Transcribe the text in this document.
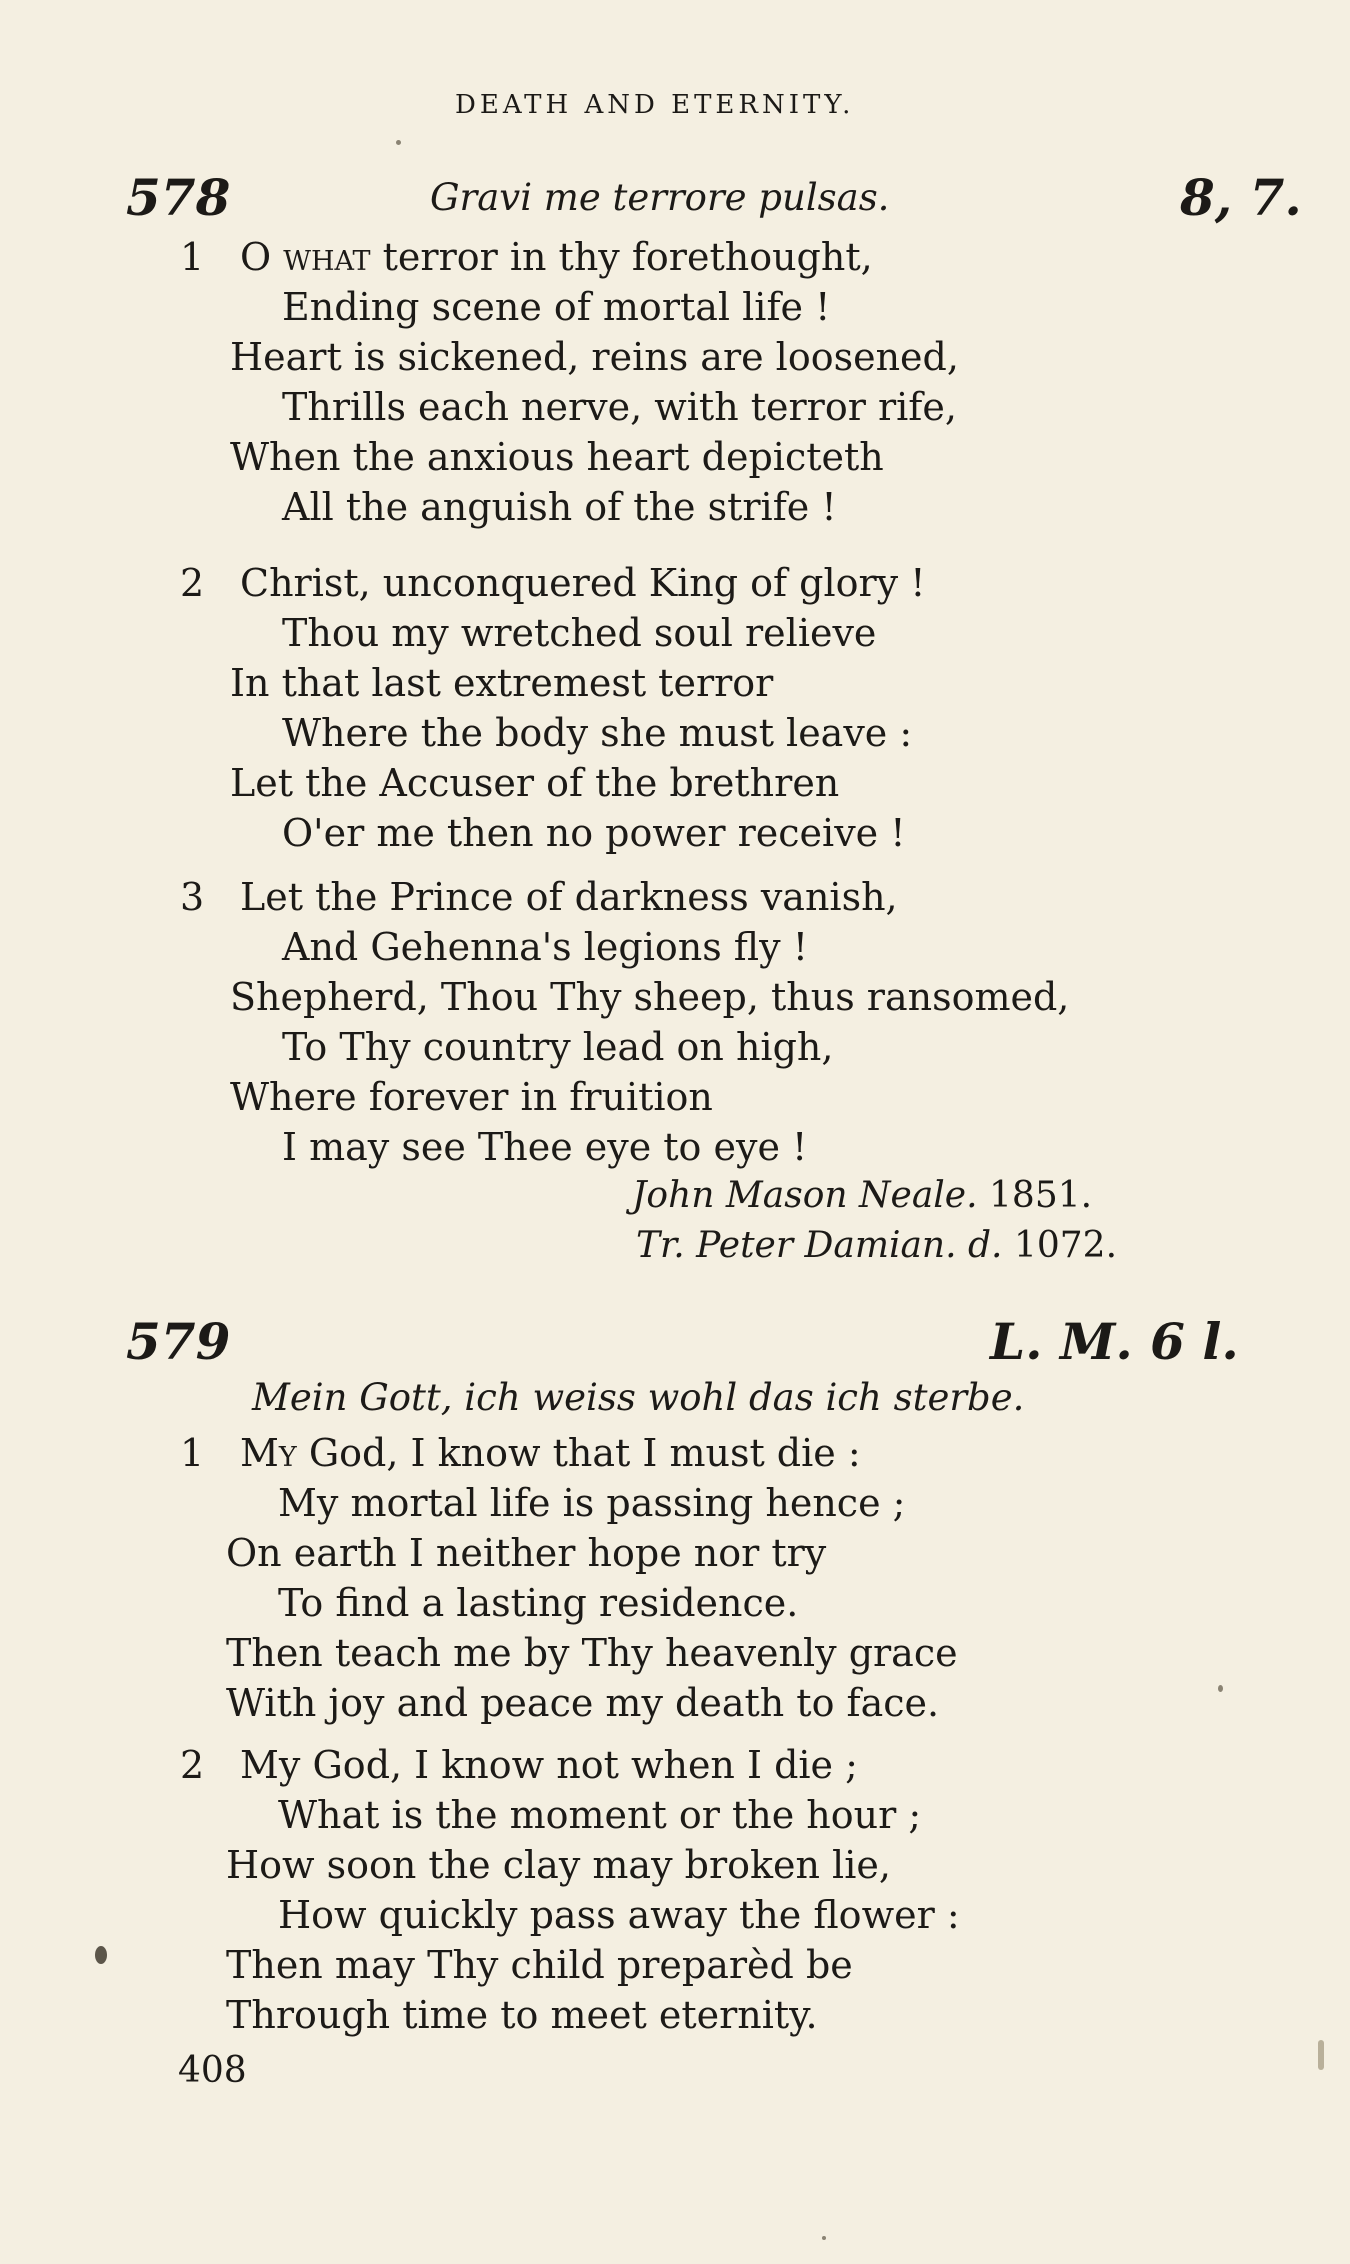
DEATH AND ETERNITY.
578	Gravi me terrore pulsas.	8, 7.
1 O what terror in thy forethought,
Ending scene of mortal life !
Heart is sickened, reins are loosened,
Thrills each nerve, with terror rife,
When the anxious heart depicteth
All the anguish of the strife !
2 Christ, unconquered King of glory !
Thou my wretched soul relieve
In that last extremest terror
Where the body she must leave :
Let the Accuser of the brethren
O'er me then no power receive !
3 Let the Prince of darkness vanish,
And Gehenna's legions fly !
Shepherd, Thou Thy sheep, thus ransomed,
To Thy country lead on high,
Where forever in fruition
I may see Thee eye to eye !
John Mason Neale. 1851.
Tr. Peter Damian. d. 1072.
579	L. M. 6 l.
Mein Gott, ich weiss wohl das ich sterbe.
1 My God, I know that I must die :
My mortal life is passing hence ;
On earth I neither hope nor try
To find a lasting residence.
Then teach me by Thy heavenly grace
With joy and peace my death to face.
2 My God, I know not when I die ;
What is the moment or the hour ;
How soon the clay may broken lie,
How quickly pass away the flower :
Then may Thy child preparèd be
Through time to meet eternity.
408
